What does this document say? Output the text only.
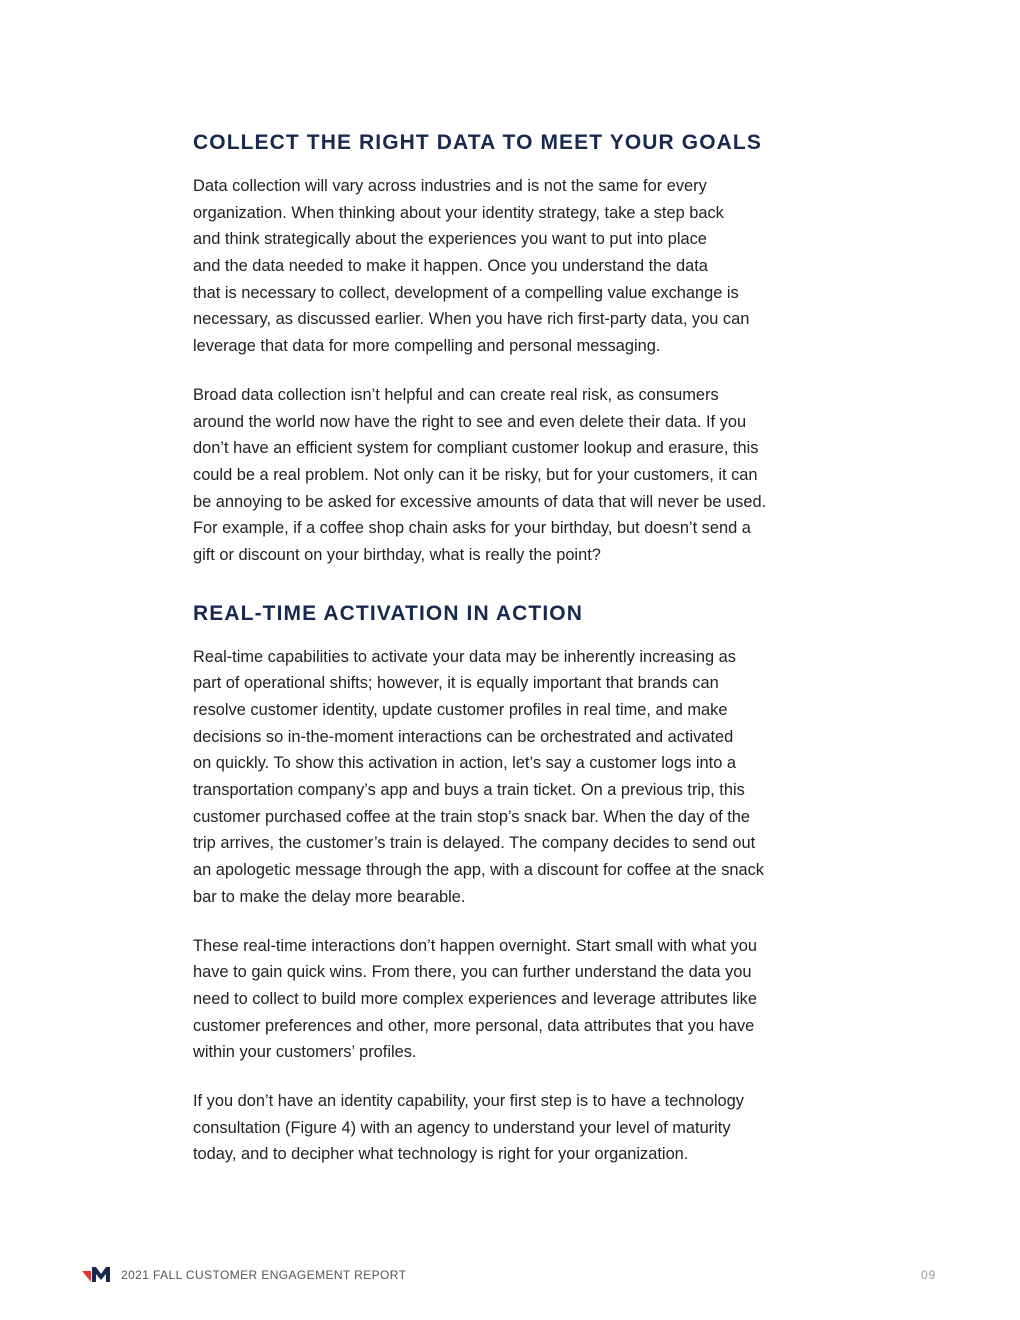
COLLECT THE RIGHT DATA TO MEET YOUR GOALS
Data collection will vary across industries and is not the same for every
organization. When thinking about your identity strategy, take a step back
and think strategically about the experiences you want to put into place
and the data needed to make it happen. Once you understand the data
that is necessary to collect, development of a compelling value exchange is
necessary, as discussed earlier. When you have rich first-party data, you can
leverage that data for more compelling and personal messaging.
Broad data collection isn’t helpful and can create real risk, as consumers
around the world now have the right to see and even delete their data. If you
don’t have an efficient system for compliant customer lookup and erasure, this
could be a real problem. Not only can it be risky, but for your customers, it can
be annoying to be asked for excessive amounts of data that will never be used.
For example, if a coffee shop chain asks for your birthday, but doesn’t send a
gift or discount on your birthday, what is really the point?
REAL-TIME ACTIVATION IN ACTION
Real-time capabilities to activate your data may be inherently increasing as
part of operational shifts; however, it is equally important that brands can
resolve customer identity, update customer profiles in real time, and make
decisions so in-the-moment interactions can be orchestrated and activated
on quickly. To show this activation in action, let’s say a customer logs into a
transportation company’s app and buys a train ticket. On a previous trip, this
customer purchased coffee at the train stop’s snack bar. When the day of the
trip arrives, the customer’s train is delayed. The company decides to send out
an apologetic message through the app, with a discount for coffee at the snack
bar to make the delay more bearable.
These real-time interactions don’t happen overnight. Start small with what you
have to gain quick wins. From there, you can further understand the data you
need to collect to build more complex experiences and leverage attributes like
customer preferences and other, more personal, data attributes that you have
within your customers’ profiles.
If you don’t have an identity capability, your first step is to have a technology
consultation (Figure 4) with an agency to understand your level of maturity
today, and to decipher what technology is right for your organization.
2021 FALL CUSTOMER ENGAGEMENT REPORT	09
